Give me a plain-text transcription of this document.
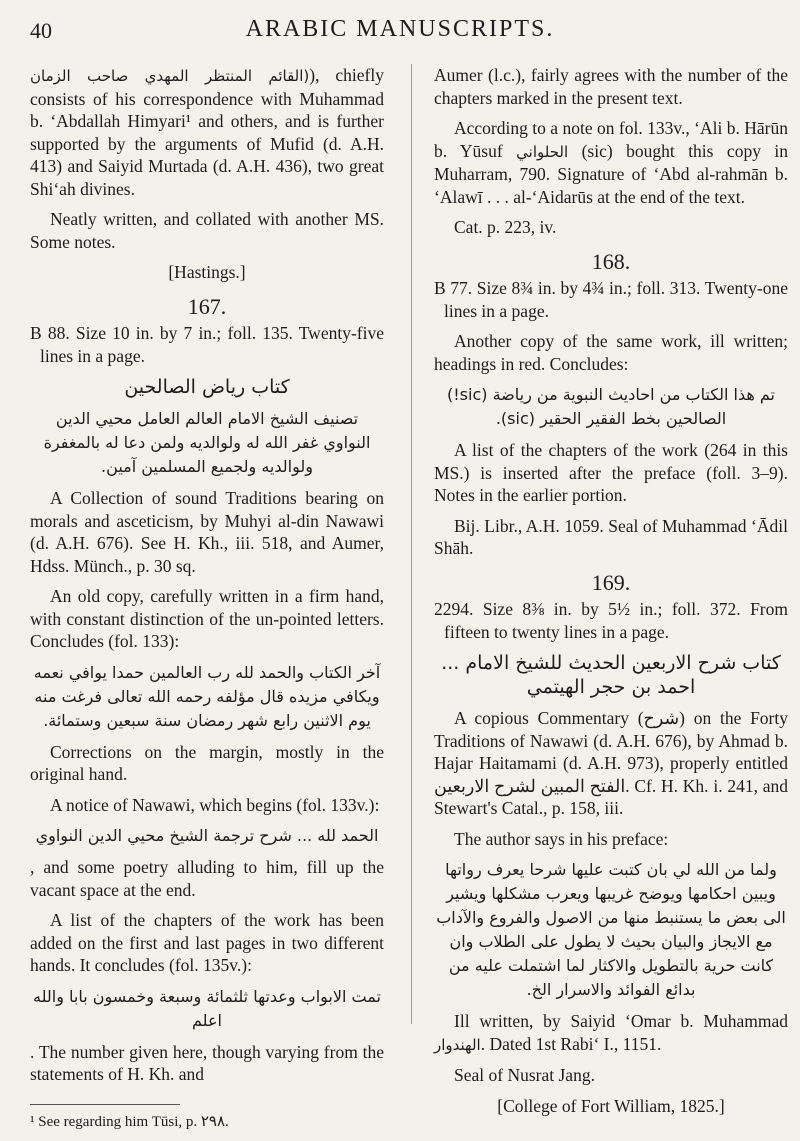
40	ARABIC MANUSCRIPTS.

(القائم المنتظر المهدي صاحب الزمان), chiefly consists of his correspondence with Muhammad b. ‘Abdallah Himyari¹ and others, and is further supported by the arguments of Mufid (d. A.H. 413) and Saiyid Murtada (d. A.H. 436), two great Shi‘ah divines.

Neatly written, and collated with another MS. Some notes.

[Hastings.]

167.

B 88. Size 10 in. by 7 in.; foll. 135. Twenty-five lines in a page.

كتاب رياض الصالحين
تصنيف الشيخ الامام العالم العامل محيي الدين النواوي غفر الله له ولوالديه ولمن دعا له بالمغفرة ولوالديه ولجميع المسلمين آمين.

A Collection of sound Traditions bearing on morals and asceticism, by Muhyi al-din Nawawi (d. A.H. 676). See H. Kh., iii. 518, and Aumer, Hdss. Münch., p. 30 sq.

An old copy, carefully written in a firm hand, with constant distinction of the un-pointed letters. Concludes (fol. 133):

آخر الكتاب والحمد لله رب العالمين حمدا يوافي نعمه ويكافي مزيده قال مؤلفه رحمه الله تعالى فرغت منه يوم الاثنين رابع شهر رمضان سنة سبعين وستمائة.

Corrections on the margin, mostly in the original hand.

A notice of Nawawi, which begins (fol. 133v.):

الحمد لله ... شرح ترجمة الشيخ محيي الدين النواوي

, and some poetry alluding to him, fill up the vacant space at the end.

A list of the chapters of the work has been added on the first and last pages in two different hands. It concludes (fol. 135v.):

تمت الابواب وعدتها ثلثمائة وسبعة وخمسون بابا والله اعلم

. The number given here, though varying from the statements of H. Kh. and

¹ See regarding him Tūsi, p. ٢٩٨.

Aumer (l.c.), fairly agrees with the number of the chapters marked in the present text.

According to a note on fol. 133v., ‘Ali b. Hārūn b. Yūsuf الحلواني (sic) bought this copy in Muharram, 790. Signature of ‘Abd al-rahmān b. ‘Alawī . . . al-‘Aidarūs at the end of the text.

Cat. p. 223, iv.

168.

B 77. Size 8¾ in. by 4¾ in.; foll. 313. Twenty-one lines in a page.

Another copy of the same work, ill written; headings in red. Concludes:

تم هذا الكتاب من احاديث النبوية من رياضة (sic!) الصالحين بخط الفقير الحقير (sic).

A list of the chapters of the work (264 in this MS.) is inserted after the preface (foll. 3–9). Notes in the earlier portion.

Bij. Libr., A.H. 1059. Seal of Muhammad ‘Ādil Shāh.

169.

2294. Size 8⅜ in. by 5½ in.; foll. 372. From fifteen to twenty lines in a page.

كتاب شرح الاربعين الحديث للشيخ الامام ... احمد بن حجر الهيتمي

A copious Commentary (شرح) on the Forty Traditions of Nawawi (d. A.H. 676), by Ahmad b. Hajar Haitamami (d. A.H. 973), properly entitled الفتح المبين لشرح الاربعين. Cf. H. Kh. i. 241, and Stewart's Catal., p. 158, iii.

The author says in his preface:

ولما من الله لي بان كتبت عليها شرحا يعرف رواتها ويبين احكامها ويوضح غريبها ويعرب مشكلها ويشير الى بعض ما يستنبط منها من الاصول والفروع والآداب مع الايجاز والبيان بحيث لا يطول على الطلاب وان كانت حرية بالتطويل والاكثار لما اشتملت عليه من بدائع الفوائد والاسرار الخ.

Ill written, by Saiyid ‘Omar b. Muhammad الهندوار. Dated 1st Rabi‘ I., 1151.

Seal of Nusrat Jang.

[College of Fort William, 1825.]
